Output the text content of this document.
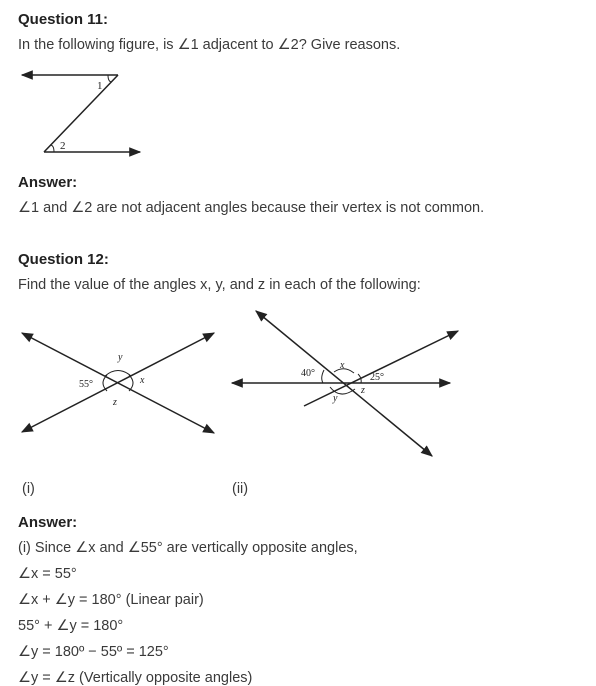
Question 11:
In the following figure, is ∠1 adjacent to ∠2? Give reasons.
1
2
55°
y
x
z
40°
x
25°
y
z
Answer:
∠1 and ∠2 are not adjacent angles because their vertex is not common.
Question 12:
Find the value of the angles x, y, and z in each of the following:
(i)	(ii)
Answer:
(i) Since ∠x and ∠55° are vertically opposite angles,
∠x = 55°
∠x + ∠y = 180° (Linear pair)
55° + ∠y = 180°
∠y = 180º − 55º = 125°
∠y = ∠z (Vertically opposite angles)
